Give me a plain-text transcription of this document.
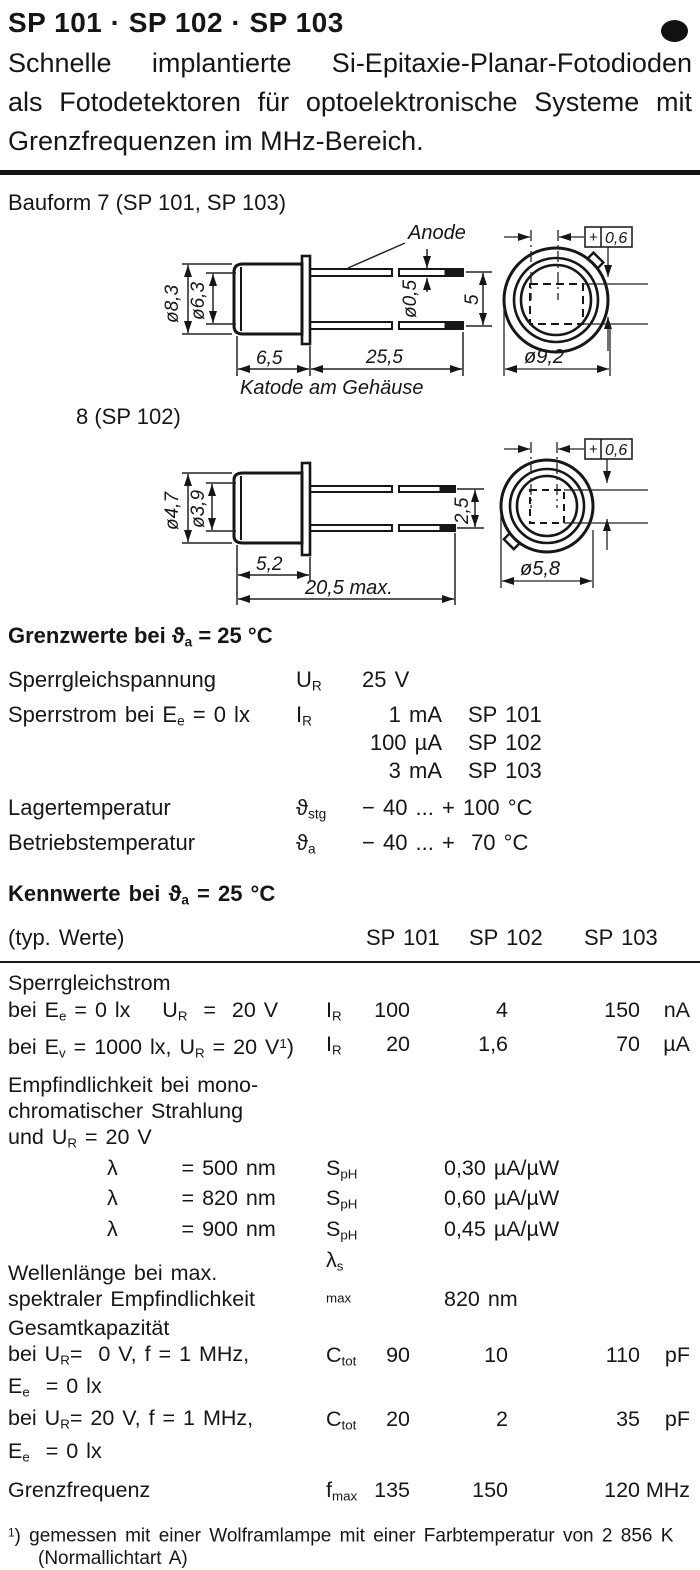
SP 101 · SP 102 · SP 103
Schnelle implantierte Si-Epitaxie-Planar-Fotodioden
als Fotodetektoren für optoelektronische Systeme mit
Grenzfrequenzen im MHz-Bereich.
Bauform 7 (SP 101, SP 103)
Anode
ø8,3 ø6,3	ø0,5 5
6,5	25,5
Katode am Gehäuse
ø9,2
+ 0,6
8 (SP 102)
ø4,7 ø3,9	2,5
5,2
20,5 max.
ø5,8
+ 0,6
Grenzwerte bei $ϑ_a = 25$ °C
Sperrgleichspannung	$U_R$	25 V
Sperrstrom bei $E_e = 0$ lx	$I_R$	1 mA SP 101
100 µA SP 102
3 mA SP 103
Lagertemperatur	$ϑ_{stg}$	− 40 ... + 100 °C
Betriebstemperatur	$ϑ_a$	− 40 ... +  70 °C
Kennwerte bei $ϑ_a = 25$ °C
(typ. Werte)	SP 101	SP 102	SP 103
Sperrgleichstrom
bei $E_e = 0$ lx    $U_R = 20$ V	$I_R$	100	4	150	nA
bei $E_v = 1000$ lx, $U_R = 20$ $V^1$)	$I_R$	20	1,6	70	µA
Empfindlichkeit bei mono-
chromatischer Strahlung
und $U_R = 20$ V
λ        = 500 nm	$S_{pH}$	0,30 µA/µW
λ        = 820 nm	$S_{pH}$	0,60 µA/µW
λ        = 900 nm	$S_{pH}$	0,45 µA/µW
Wellenlänge bei max.
spektraler Empfindlichkeit
$\lambda_{s max}$	820 nm
Gesamtkapazität
bei $U_R= 0$ V, f = 1 MHz,
$E_e = 0$ lx
$C_{tot}$	90	10	110	pF
bei $U_R= 20$ V, f = 1 MHz,
$E_e = 0$ lx
$C_{tot}$	20	2	35	pF
Grenzfrequenz	$f_{max}$ 135	150	120 MHz

$^1$) gemessen mit einer Wolframlampe mit einer Farbtemperatur von 2 856 K
(Normallichtart A)
